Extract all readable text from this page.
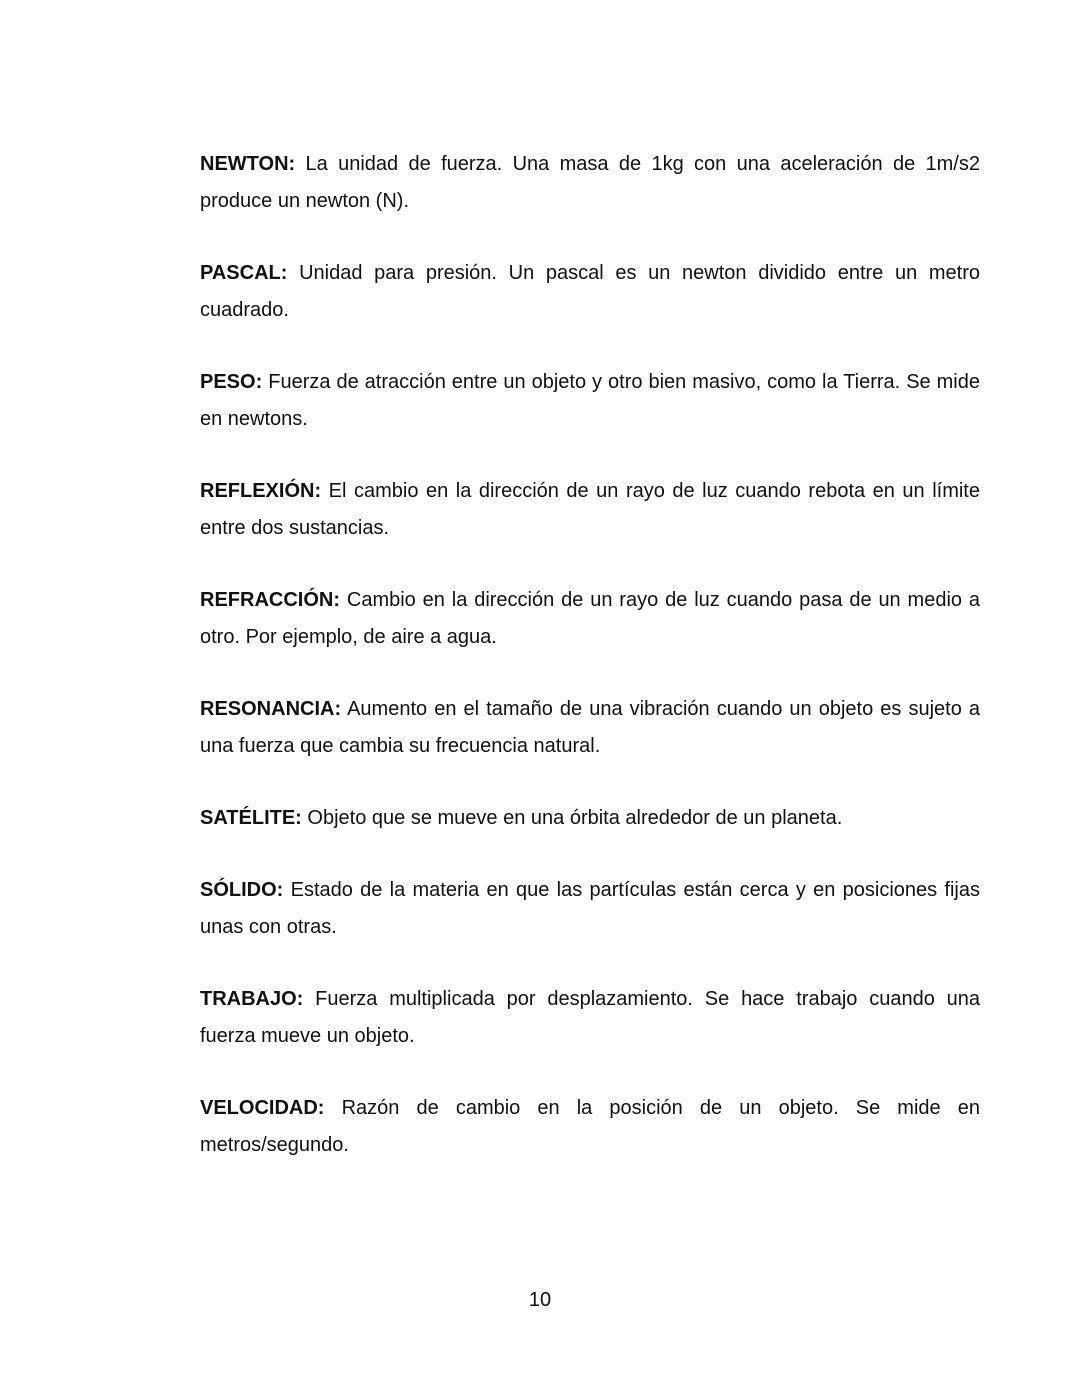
NEWTON: La unidad de fuerza. Una masa de 1kg con una aceleración de 1m/s2 produce un newton (N).

PASCAL: Unidad para presión. Un pascal es un newton dividido entre un metro cuadrado.

PESO: Fuerza de atracción entre un objeto y otro bien masivo, como la Tierra. Se mide en newtons.

REFLEXIÓN: El cambio en la dirección de un rayo de luz cuando rebota en un límite entre dos sustancias.

REFRACCIÓN: Cambio en la dirección de un rayo de luz cuando pasa de un medio a otro. Por ejemplo, de aire a agua.

RESONANCIA: Aumento en el tamaño de una vibración cuando un objeto es sujeto a una fuerza que cambia su frecuencia natural.

SATÉLITE: Objeto que se mueve en una órbita alrededor de un planeta.

SÓLIDO: Estado de la materia en que las partículas están cerca y en posiciones fijas unas con otras.

TRABAJO: Fuerza multiplicada por desplazamiento. Se hace trabajo cuando una fuerza mueve un objeto.

VELOCIDAD: Razón de cambio en la posición de un objeto. Se mide en metros/segundo.

10
